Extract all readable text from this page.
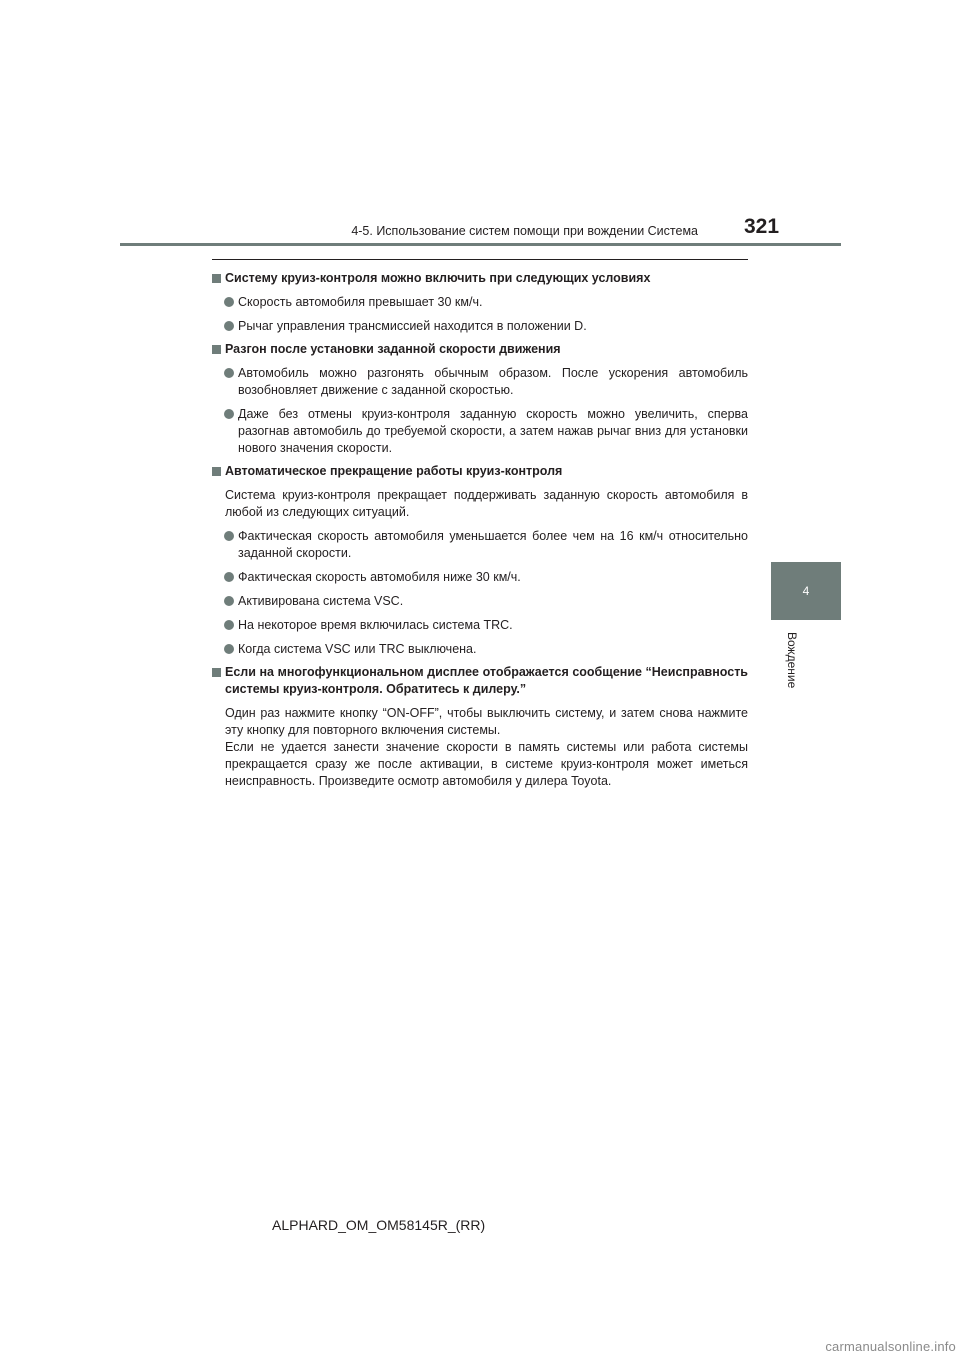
4-5. Использование систем помощи при вождении Система 321
4
Вождение
Систему круиз-контроля можно включить при следующих условиях
Скорость автомобиля превышает 30 км/ч.
Рычаг управления трансмиссией находится в положении D.
Разгон после установки заданной скорости движения
Автомобиль можно разгонять обычным образом. После ускорения автомобиль возобновляет движение с заданной скоростью.
Даже без отмены круиз-контроля заданную скорость можно увеличить, сперва разогнав автомобиль до требуемой скорости, а затем нажав рычаг вниз для установки нового значения скорости.
Автоматическое прекращение работы круиз-контроля
Система круиз-контроля прекращает поддерживать заданную скорость автомобиля в любой из следующих ситуаций.
Фактическая скорость автомобиля уменьшается более чем на 16 км/ч относительно заданной скорости.
Фактическая скорость автомобиля ниже 30 км/ч.
Активирована система VSC.
На некоторое время включилась система TRC.
Когда система VSC или TRC выключена.
Если на многофункциональном дисплее отображается сообщение “Неисправность системы круиз-контроля. Обратитесь к дилеру.”
Один раз нажмите кнопку “ON-OFF”, чтобы выключить систему, и затем снова нажмите эту кнопку для повторного включения системы.
Если не удается занести значение скорости в память системы или работа системы прекращается сразу же после активации, в системе круиз-контроля может иметься неисправность. Произведите осмотр автомобиля у дилера Toyota.
ALPHARD_OM_OM58145R_(RR)
carmanualsonline.info
